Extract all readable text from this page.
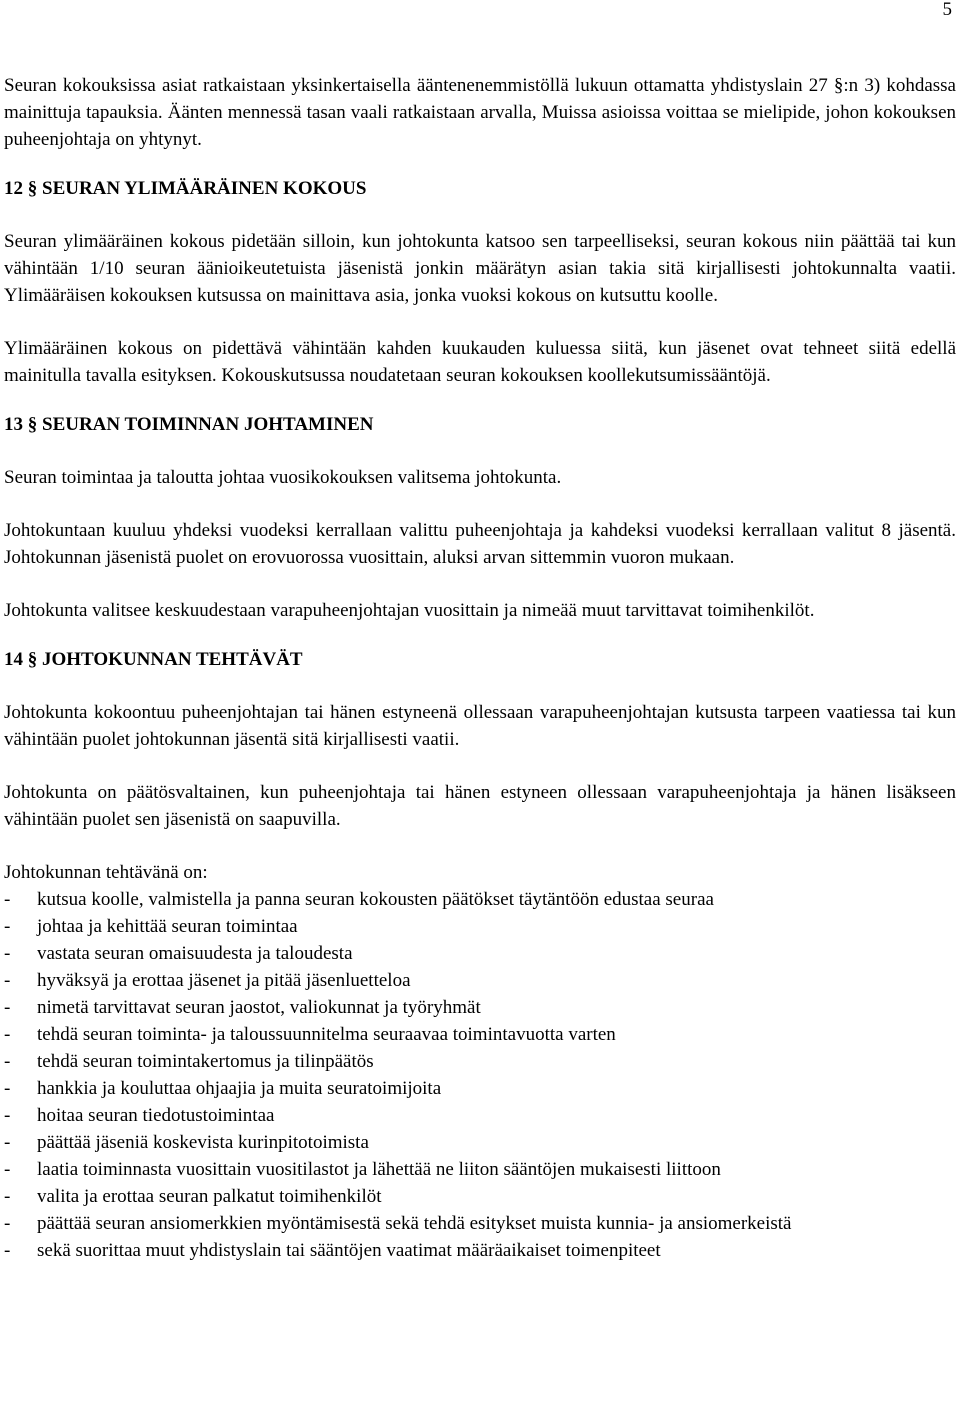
5

Seuran kokouksissa asiat ratkaistaan yksinkertaisella ääntenenemmistöllä lukuun ottamatta yhdistyslain 27 §:n 3) kohdassa mainittuja tapauksia. Äänten mennessä tasan vaali ratkaistaan arvalla, Muissa asioissa voittaa se mielipide, johon kokouksen puheenjohtaja on yhtynyt.

12 § SEURAN YLIMÄÄRÄINEN KOKOUS

Seuran ylimääräinen kokous pidetään silloin, kun johtokunta katsoo sen tarpeelliseksi, seuran kokous niin päättää tai kun vähintään 1/10 seuran äänioikeutetuista jäsenistä jonkin määrätyn asian takia sitä kirjallisesti johtokunnalta vaatii. Ylimääräisen kokouksen kutsussa on mainittava asia, jonka vuoksi kokous on kutsuttu koolle.

Ylimääräinen kokous on pidettävä vähintään kahden kuukauden kuluessa siitä, kun jäsenet ovat tehneet siitä edellä mainitulla tavalla esityksen. Kokouskutsussa noudatetaan seuran kokouksen koollekutsumissääntöjä.

13 § SEURAN TOIMINNAN JOHTAMINEN

Seuran toimintaa ja taloutta johtaa vuosikokouksen valitsema johtokunta.

Johtokuntaan kuuluu yhdeksi vuodeksi kerrallaan valittu puheenjohtaja ja kahdeksi vuodeksi kerrallaan valitut 8 jäsentä. Johtokunnan jäsenistä puolet on erovuorossa vuosittain, aluksi arvan sittemmin vuoron mukaan.

Johtokunta valitsee keskuudestaan varapuheenjohtajan vuosittain ja nimeää muut tarvittavat toimihenkilöt.

14 § JOHTOKUNNAN TEHTÄVÄT

Johtokunta kokoontuu puheenjohtajan tai hänen estyneenä ollessaan varapuheenjohtajan kutsusta tarpeen vaatiessa tai kun vähintään puolet johtokunnan jäsentä sitä kirjallisesti vaatii.

Johtokunta on päätösvaltainen, kun puheenjohtaja tai hänen estyneen ollessaan varapuheenjohtaja ja hänen lisäkseen vähintään puolet sen jäsenistä on saapuvilla.

Johtokunnan tehtävänä on:

- kutsua koolle, valmistella ja panna seuran kokousten päätökset täytäntöön edustaa seuraa
- johtaa ja kehittää seuran toimintaa
- vastata seuran omaisuudesta ja taloudesta
- hyväksyä ja erottaa jäsenet ja pitää jäsenluetteloa
- nimetä tarvittavat seuran jaostot, valiokunnat ja työryhmät
- tehdä seuran toiminta- ja taloussuunnitelma seuraavaa toimintavuotta varten
- tehdä seuran toimintakertomus ja tilinpäätös
- hankkia ja kouluttaa ohjaajia ja muita seuratoimijoita
- hoitaa seuran tiedotustoimintaa
- päättää jäseniä koskevista kurinpitotoimista
- laatia toiminnasta vuosittain vuositilastot ja lähettää ne liiton sääntöjen mukaisesti liittoon
- valita ja erottaa seuran palkatut toimihenkilöt
- päättää seuran ansiomerkkien myöntämisestä sekä tehdä esitykset muista kunnia- ja ansiomerkeistä
- sekä suorittaa muut yhdistyslain tai sääntöjen vaatimat määräaikaiset toimenpiteet
